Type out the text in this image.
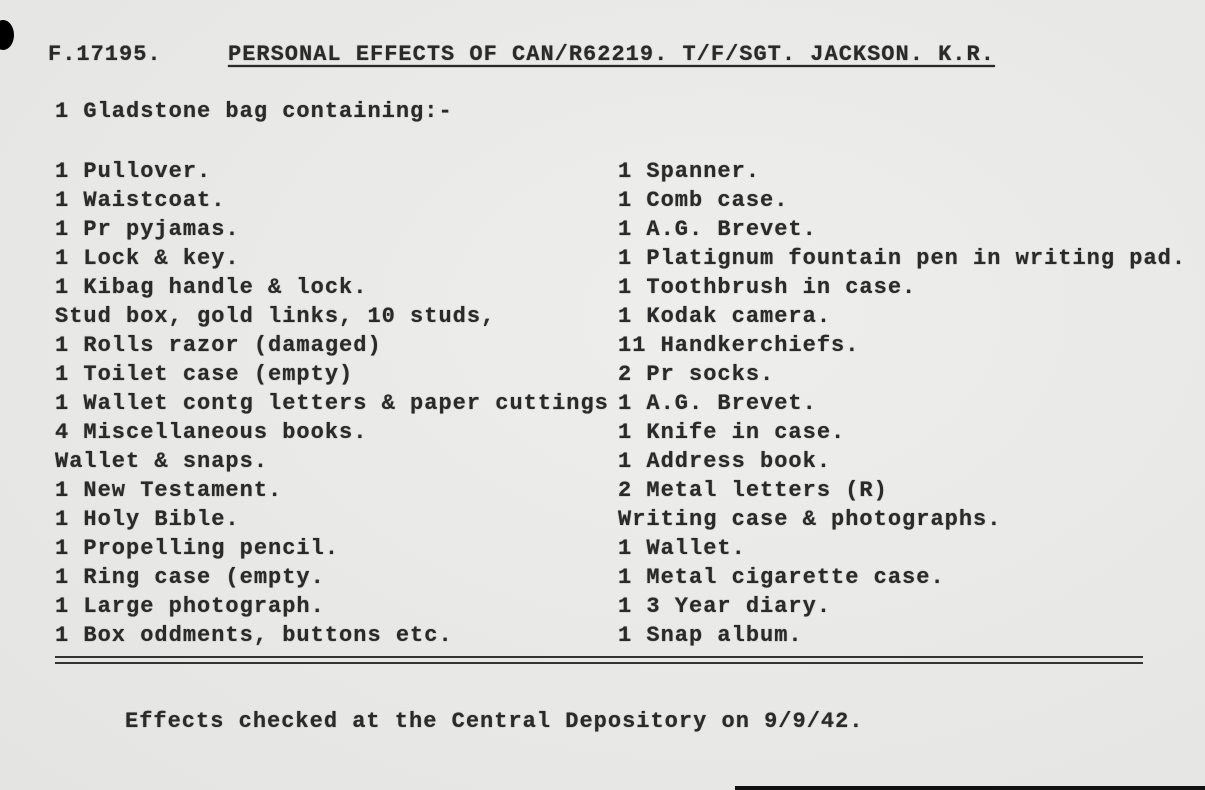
F.17195.	PERSONAL EFFECTS OF CAN/R62219. T/F/SGT. JACKSON. K.R.
1 Gladstone bag containing:-
1 Pullover.
1 Waistcoat.
1 Pr pyjamas.
1 Lock & key.
1 Kibag handle & lock.
Stud box, gold links, 10 studs,
1 Rolls razor (damaged)
1 Toilet case (empty)
1 Wallet contg letters & paper cuttings
4 Miscellaneous books.
Wallet & snaps.
1 New Testament.
1 Holy Bible.
1 Propelling pencil.
1 Ring case (empty.
1 Large photograph.
1 Box oddments, buttons etc.
1 Spanner.
1 Comb case.
1 A.G. Brevet.
1 Platignum fountain pen in writing pad.
1 Toothbrush in case.
1 Kodak camera.
11 Handkerchiefs.
2 Pr socks.
1 A.G. Brevet.
1 Knife in case.
1 Address book.
2 Metal letters (R)
Writing case & photographs.
1 Wallet.
1 Metal cigarette case.
1 3 Year diary.
1 Snap album.
Effects checked at the Central Depository on 9/9/42.
